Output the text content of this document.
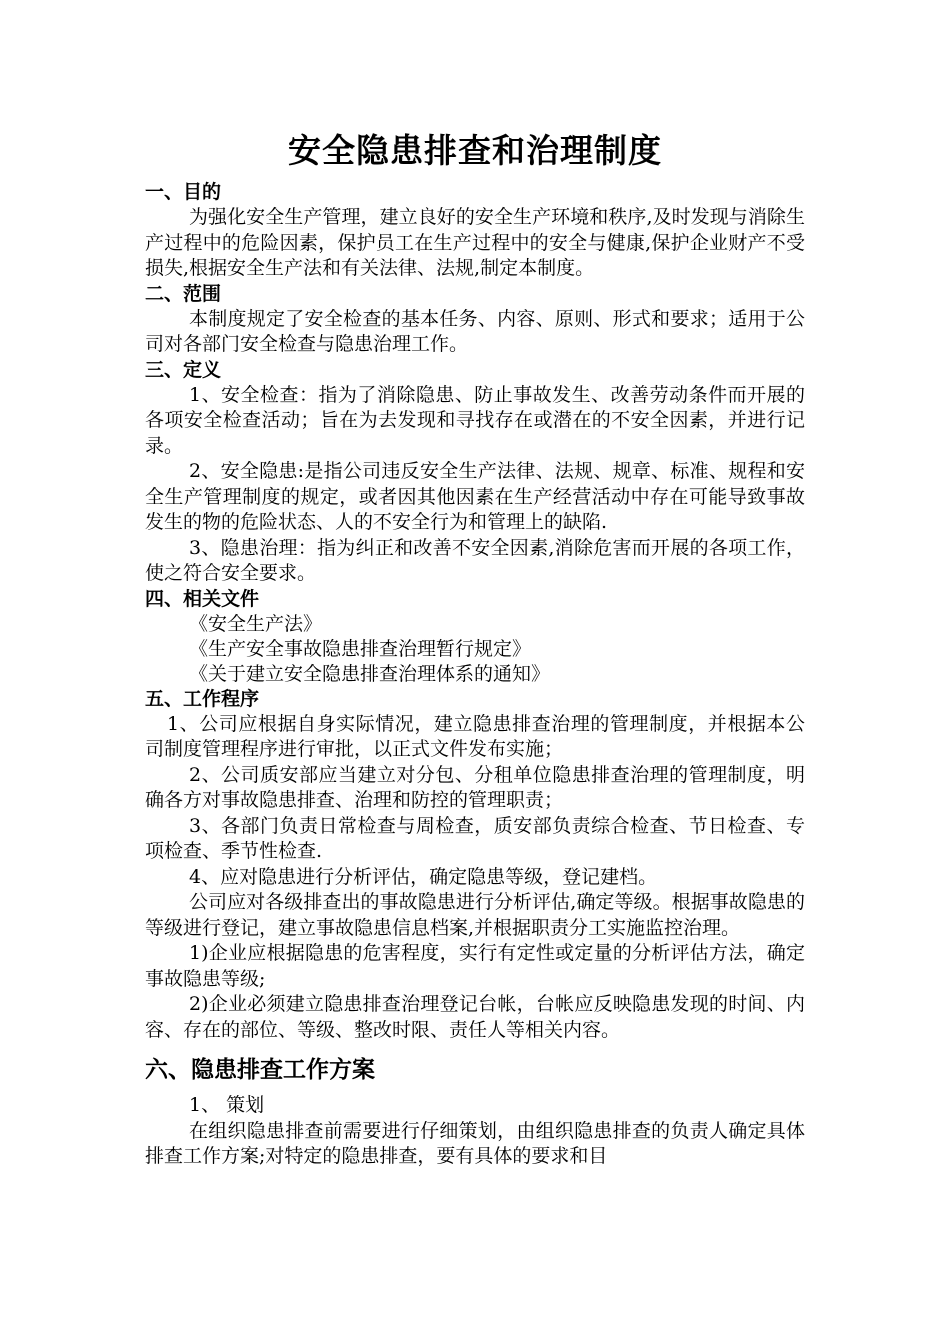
安全隐患排查和治理制度
一、目的
为强化安全生产管理，建立良好的安全生产环境和秩序,及时发现与消除生产过程中的危险因素，保护员工在生产过程中的安全与健康,保护企业财产不受损失,根据安全生产法和有关法律、法规,制定本制度。
二、范围
本制度规定了安全检查的基本任务、内容、原则、形式和要求；适用于公司对各部门安全检查与隐患治理工作。
三、定义
1、安全检查：指为了消除隐患、防止事故发生、改善劳动条件而开展的各项安全检查活动；旨在为去发现和寻找存在或潜在的不安全因素，并进行记录。
2、安全隐患:是指公司违反安全生产法律、法规、规章、标准、规程和安全生产管理制度的规定，或者因其他因素在生产经营活动中存在可能导致事故发生的物的危险状态、人的不安全行为和管理上的缺陷.
3、隐患治理：指为纠正和改善不安全因素,消除危害而开展的各项工作，使之符合安全要求。
四、相关文件
《安全生产法》
《生产安全事故隐患排查治理暂行规定》
《关于建立安全隐患排查治理体系的通知》
五、工作程序
1、公司应根据自身实际情况，建立隐患排查治理的管理制度，并根据本公司制度管理程序进行审批，以正式文件发布实施；
2、公司质安部应当建立对分包、分租单位隐患排查治理的管理制度，明确各方对事故隐患排查、治理和防控的管理职责；
3、各部门负责日常检查与周检查，质安部负责综合检查、节日检查、专项检查、季节性检查.
4、应对隐患进行分析评估，确定隐患等级，登记建档。
公司应对各级排查出的事故隐患进行分析评估,确定等级。根据事故隐患的等级进行登记，建立事故隐患信息档案,并根据职责分工实施监控治理。
1)企业应根据隐患的危害程度，实行有定性或定量的分析评估方法，确定事故隐患等级;
2)企业必须建立隐患排查治理登记台帐，台帐应反映隐患发现的时间、内容、存在的部位、等级、整改时限、责任人等相关内容。
六、隐患排查工作方案
1、 策划
在组织隐患排查前需要进行仔细策划，由组织隐患排查的负责人确定具体排查工作方案;对特定的隐患排查，要有具体的要求和目
